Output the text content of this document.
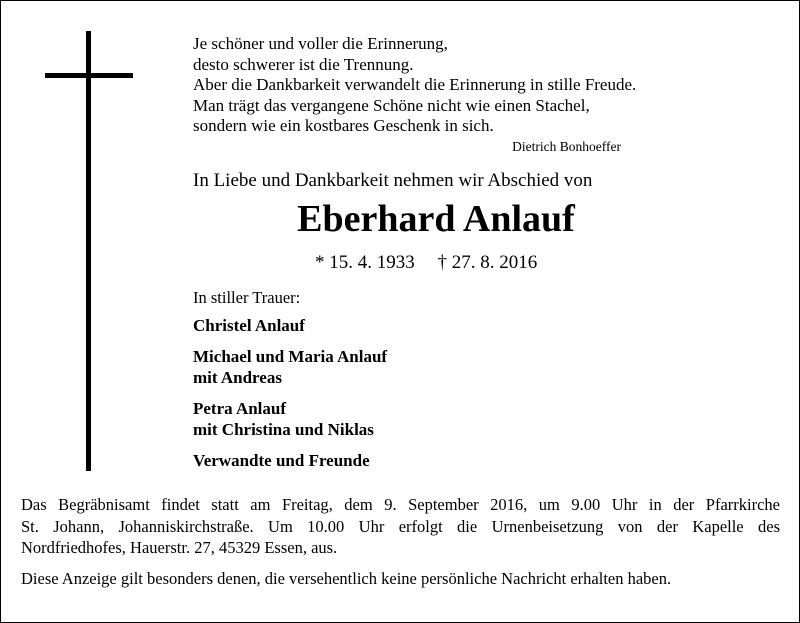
Je schöner und voller die Erinnerung,
desto schwerer ist die Trennung.
Aber die Dankbarkeit verwandelt die Erinnerung in stille Freude.
Man trägt das vergangene Schöne nicht wie einen Stachel,
sondern wie ein kostbares Geschenk in sich.
Dietrich Bonhoeffer
In Liebe und Dankbarkeit nehmen wir Abschied von
Eberhard Anlauf
* 15. 4. 1933 † 27. 8. 2016
In stiller Trauer:
Christel Anlauf
Michael und Maria Anlauf
mit Andreas
Petra Anlauf
mit Christina und Niklas
Verwandte und Freunde
Das Begräbnisamt findet statt am Freitag, dem 9. September 2016, um 9.00 Uhr in der Pfarrkirche
St. Johann, Johanniskirchstraße. Um 10.00 Uhr erfolgt die Urnenbeisetzung von der Kapelle des
Nordfriedhofes, Hauerstr. 27, 45329 Essen, aus.
Diese Anzeige gilt besonders denen, die versehentlich keine persönliche Nachricht erhalten haben.
